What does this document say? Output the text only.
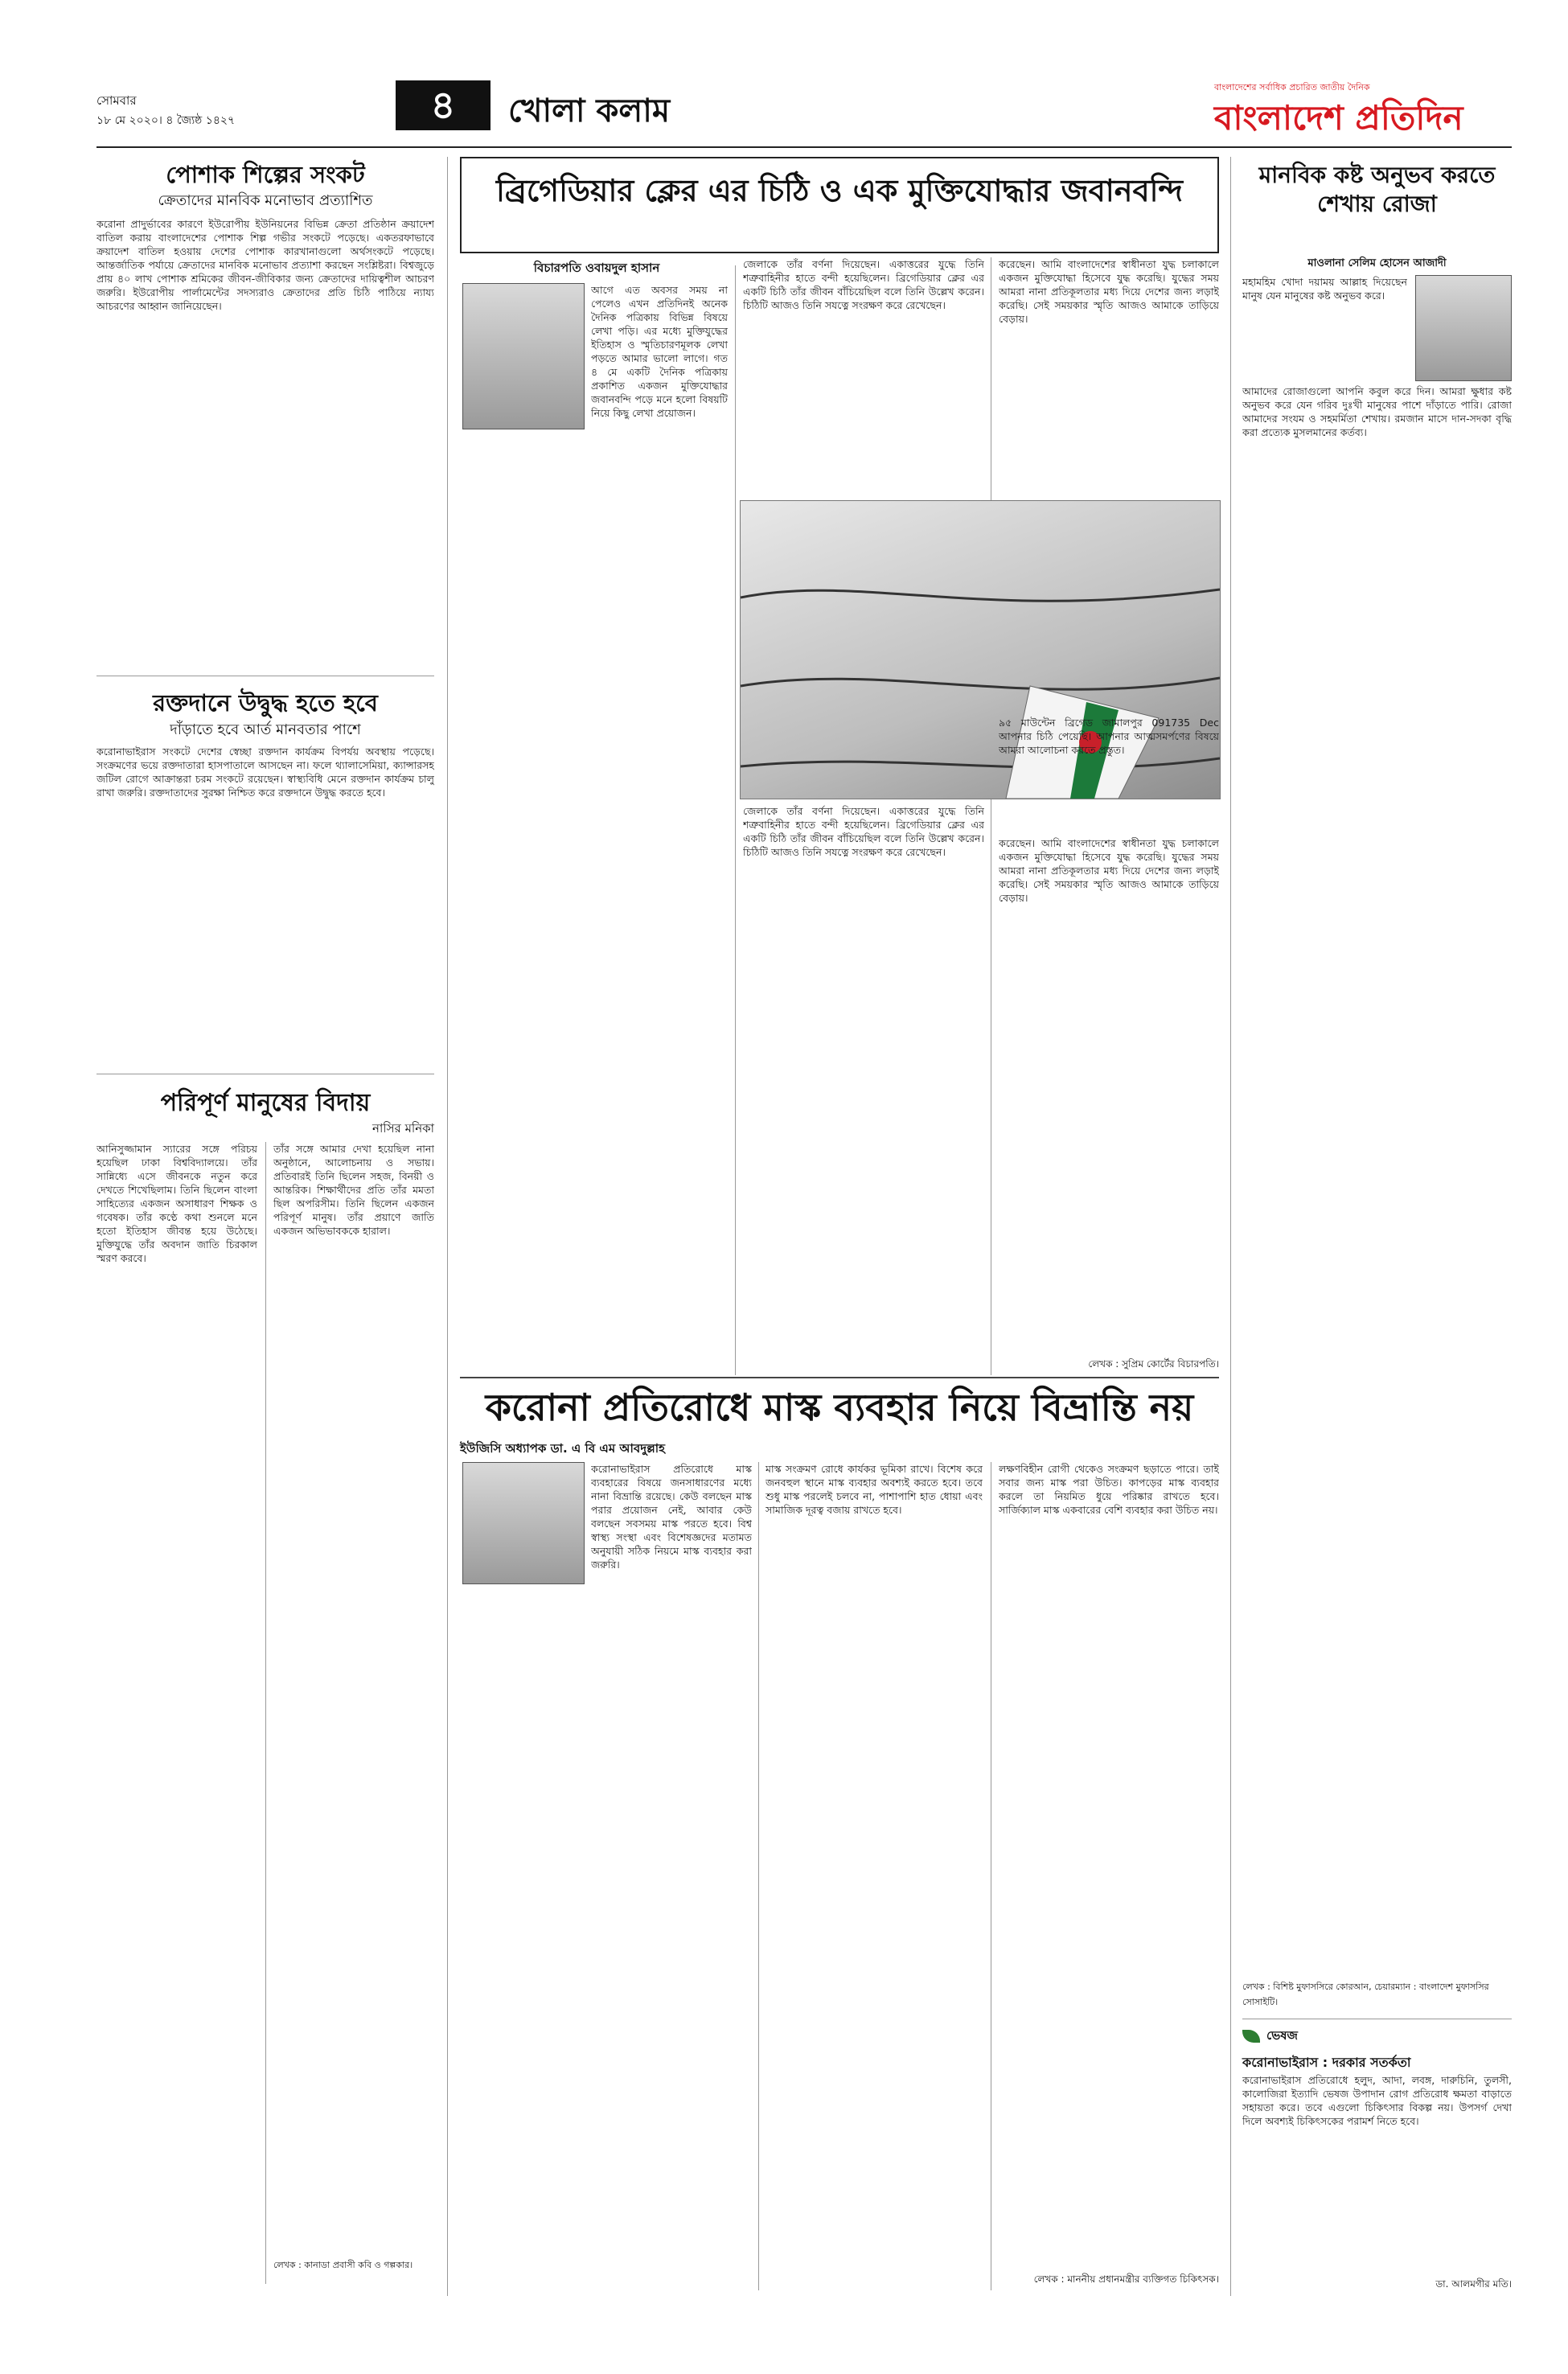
সোমবার
১৮ মে ২০২০। ৪ জ্যৈষ্ঠ ১৪২৭	৪	খোলা কলাম
বাংলাদেশের সর্বাধিক প্রচারিত জাতীয় দৈনিক
বাংলাদেশ প্রতিদিন
পোশাক শিল্পের সংকট
ক্রেতাদের মানবিক মনোভাব প্রত্যাশিত
করোনা প্রাদুর্ভাবের কারণে ইউরোপীয় ইউনিয়নের বিভিন্ন ক্রেতা প্রতিষ্ঠান ক্রয়াদেশ বাতিল করায় বাংলাদেশের পোশাক শিল্প গভীর সংকটে পড়েছে। একতরফাভাবে ক্রয়াদেশ বাতিল হওয়ায় দেশের পোশাক কারখানাগুলো অর্থসংকটে পড়েছে। আন্তর্জাতিক পর্যায়ে ক্রেতাদের মানবিক মনোভাব প্রত্যাশা করছেন সংশ্লিষ্টরা। বিশ্বজুড়ে প্রায় ৪০ লাখ পোশাক শ্রমিকের জীবন-জীবিকার জন্য ক্রেতাদের দায়িত্বশীল আচরণ জরুরি। ইউরোপীয় পার্লামেন্টের সদস্যরাও ক্রেতাদের প্রতি চিঠি পাঠিয়ে ন্যায্য আচরণের আহ্বান জানিয়েছেন।
রক্তদানে উদ্বুদ্ধ হতে হবে
দাঁড়াতে হবে আর্ত মানবতার পাশে
করোনাভাইরাস সংকটে দেশের স্বেচ্ছা রক্তদান কার্যক্রম বিপর্যয় অবস্থায় পড়েছে। সংক্রমণের ভয়ে রক্তদাতারা হাসপাতালে আসছেন না। ফলে থ্যালাসেমিয়া, ক্যান্সারসহ জটিল রোগে আক্রান্তরা চরম সংকটে রয়েছেন। স্বাস্থ্যবিধি মেনে রক্তদান কার্যক্রম চালু রাখা জরুরি। রক্তদাতাদের সুরক্ষা নিশ্চিত করে রক্তদানে উদ্বুদ্ধ করতে হবে।
পরিপূর্ণ মানুষের বিদায়
নাসির মনিকা
আনিসুজ্জামান স্যারের সঙ্গে পরিচয় হয়েছিল ঢাকা বিশ্ববিদ্যালয়ে। তাঁর সান্নিধ্যে এসে জীবনকে নতুন করে দেখতে শিখেছিলাম। তিনি ছিলেন বাংলা সাহিত্যের একজন অসাধারণ শিক্ষক ও গবেষক। তাঁর কণ্ঠে কথা শুনলে মনে হতো ইতিহাস জীবন্ত হয়ে উঠেছে। মুক্তিযুদ্ধে তাঁর অবদান জাতি চিরকাল স্মরণ করবে।
তাঁর সঙ্গে আমার দেখা হয়েছিল নানা অনুষ্ঠানে, আলোচনায় ও সভায়। প্রতিবারই তিনি ছিলেন সহজ, বিনয়ী ও আন্তরিক। শিক্ষার্থীদের প্রতি তাঁর মমতা ছিল অপরিসীম। তিনি ছিলেন একজন পরিপূর্ণ মানুষ। তাঁর প্রয়াণে জাতি একজন অভিভাবককে হারাল।
লেখক : কানাডা প্রবাসী কবি ও গল্পকার।
ব্রিগেডিয়ার ক্লের এর চিঠি ও এক মুক্তিযোদ্ধার জবানবন্দি
বিচারপতি ওবায়দুল হাসান
আগে এত অবসর সময় না পেলেও এখন প্রতিদিনই অনেক দৈনিক পত্রিকায় বিভিন্ন বিষয়ে লেখা পড়ি। এর মধ্যে মুক্তিযুদ্ধের ইতিহাস ও স্মৃতিচারণমূলক লেখা পড়তে আমার ভালো লাগে। গত ৪ মে একটি দৈনিক পত্রিকায় প্রকাশিত একজন মুক্তিযোদ্ধার জবানবন্দি পড়ে মনে হলো বিষয়টি নিয়ে কিছু লেখা প্রয়োজন।
জেলাকে তাঁর বর্ণনা দিয়েছেন। একাত্তরের যুদ্ধে তিনি শত্রুবাহিনীর হাতে বন্দী হয়েছিলেন। ব্রিগেডিয়ার ক্লের এর একটি চিঠি তাঁর জীবন বাঁচিয়েছিল বলে তিনি উল্লেখ করেন। চিঠিটি আজও তিনি সযত্নে সংরক্ষণ করে রেখেছেন।
করেছেন। আমি বাংলাদেশের স্বাধীনতা যুদ্ধ চলাকালে একজন মুক্তিযোদ্ধা হিসেবে যুদ্ধ করেছি। যুদ্ধের সময় আমরা নানা প্রতিকূলতার মধ্য দিয়ে দেশের জন্য লড়াই করেছি। সেই সময়কার স্মৃতি আজও আমাকে তাড়িয়ে বেড়ায়।
৯৫ মাউন্টেন ব্রিগেড জামালপুর 091735 Dec আপনার চিঠি পেয়েছি। আপনার আত্মসমর্পণের বিষয়ে আমরা আলোচনা করতে প্রস্তুত।
জেলাকে তাঁর বর্ণনা দিয়েছেন। একাত্তরের যুদ্ধে তিনি শত্রুবাহিনীর হাতে বন্দী হয়েছিলেন। ব্রিগেডিয়ার ক্লের এর একটি চিঠি তাঁর জীবন বাঁচিয়েছিল বলে তিনি উল্লেখ করেন। চিঠিটি আজও তিনি সযত্নে সংরক্ষণ করে রেখেছেন।
করেছেন। আমি বাংলাদেশের স্বাধীনতা যুদ্ধ চলাকালে একজন মুক্তিযোদ্ধা হিসেবে যুদ্ধ করেছি। যুদ্ধের সময় আমরা নানা প্রতিকূলতার মধ্য দিয়ে দেশের জন্য লড়াই করেছি। সেই সময়কার স্মৃতি আজও আমাকে তাড়িয়ে বেড়ায়।
লেখক : সুপ্রিম কোর্টের বিচারপতি।
করোনা প্রতিরোধে মাস্ক ব্যবহার নিয়ে বিভ্রান্তি নয়
ইউজিসি অধ্যাপক ডা. এ বি এম আবদুল্লাহ
করোনাভাইরাস প্রতিরোধে মাস্ক ব্যবহারের বিষয়ে জনসাধারণের মধ্যে নানা বিভ্রান্তি রয়েছে। কেউ বলছেন মাস্ক পরার প্রয়োজন নেই, আবার কেউ বলছেন সবসময় মাস্ক পরতে হবে। বিশ্ব স্বাস্থ্য সংস্থা এবং বিশেষজ্ঞদের মতামত অনুযায়ী সঠিক নিয়মে মাস্ক ব্যবহার করা জরুরি।
মাস্ক সংক্রমণ রোধে কার্যকর ভূমিকা রাখে। বিশেষ করে জনবহুল স্থানে মাস্ক ব্যবহার অবশ্যই করতে হবে। তবে শুধু মাস্ক পরলেই চলবে না, পাশাপাশি হাত ধোয়া এবং সামাজিক দূরত্ব বজায় রাখতে হবে।
লক্ষণবিহীন রোগী থেকেও সংক্রমণ ছড়াতে পারে। তাই সবার জন্য মাস্ক পরা উচিত। কাপড়ের মাস্ক ব্যবহার করলে তা নিয়মিত ধুয়ে পরিষ্কার রাখতে হবে। সার্জিক্যাল মাস্ক একবারের বেশি ব্যবহার করা উচিত নয়।
লেখক : মাননীয় প্রধানমন্ত্রীর ব্যক্তিগত চিকিৎসক।
মানবিক কষ্ট অনুভব করতে শেখায় রোজা
মাওলানা সেলিম হোসেন আজাদী
মহামহিম খোদা দয়াময় আল্লাহ দিয়েছেন মানুষ যেন মানুষের কষ্ট অনুভব করে।
আমাদের রোজাগুলো আপনি কবুল করে দিন। আমরা ক্ষুধার কষ্ট অনুভব করে যেন গরিব দুঃখী মানুষের পাশে দাঁড়াতে পারি। রোজা আমাদের সংযম ও সহমর্মিতা শেখায়। রমজান মাসে দান-সদকা বৃদ্ধি করা প্রত্যেক মুসলমানের কর্তব্য।
লেখক : বিশিষ্ট মুফাসসিরে কোরআন, চেয়ারম্যান : বাংলাদেশ মুফাসসির সোসাইটি।
ভেষজ
করোনাভাইরাস : দরকার সতর্কতা
করোনাভাইরাস প্রতিরোধে হলুদ, আদা, লবঙ্গ, দারুচিনি, তুলসী, কালোজিরা ইত্যাদি ভেষজ উপাদান রোগ প্রতিরোধ ক্ষমতা বাড়াতে সহায়তা করে। তবে এগুলো চিকিৎসার বিকল্প নয়। উপসর্গ দেখা দিলে অবশ্যই চিকিৎসকের পরামর্শ নিতে হবে।
ডা. আলমগীর মতি।
